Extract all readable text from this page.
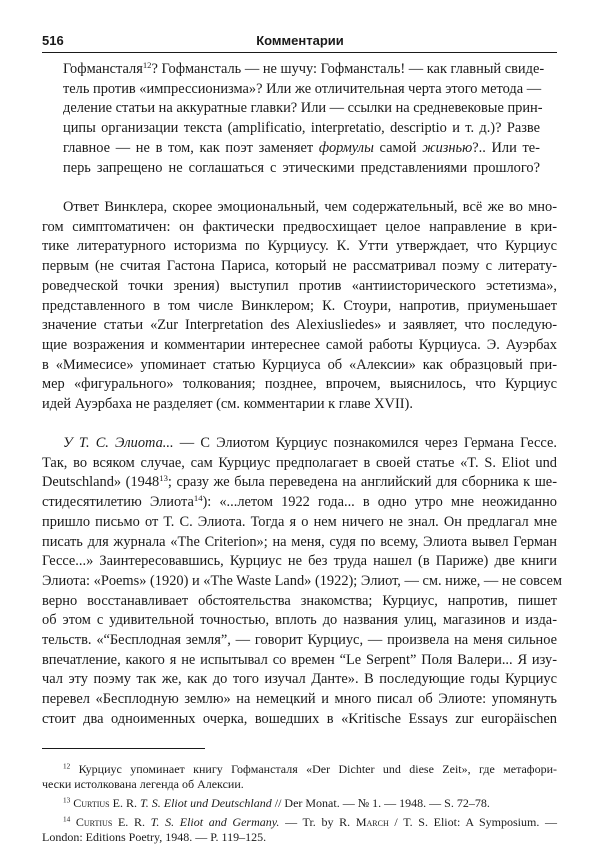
516	Комментарии
Гофмансталя$^{12}$? Гофмансталь — не шучу: Гофмансталь! — как главный свиде-
тель против «импрессионизма»? Или же отличительная черта этого метода —
деление статьи на аккуратные главки? Или — ссылки на средневековые прин-
ципы организации текста (amplificatio, interpretatio, descriptio и т. д.)? Разве
главное — не в том, как поэт заменяет формулы самой жизнью?.. Или те-
перь запрещено не соглашаться с этическими представлениями прошлого?
Ответ Винклера, скорее эмоциональный, чем содержательный, всё же во мно-
гом симптоматичен: он фактически предвосхищает целое направление в кри-
тике литературного историзма по Курциусу. К. Утти утверждает, что Курциус
первым (не считая Гастона Париса, который не рассматривал поэму с литерату-
роведческой точки зрения) выступил против «антиисторического эстетизма»,
представленного в том числе Винклером; К. Стоури, напротив, приуменьшает
значение статьи «Zur Interpretation des Alexiusliedes» и заявляет, что последую-
щие возражения и комментарии интереснее самой работы Курциуса. Э. Ауэрбах
в «Мимесисе» упоминает статью Курциуса об «Алексии» как образцовый при-
мер «фигурального» толкования; позднее, впрочем, выяснилось, что Курциус
идей Ауэрбаха не разделяет (см. комментарии к главе XVII).
У Т. С. Элиота... — С Элиотом Курциус познакомился через Германа Гессе.
Так, во всяком случае, сам Курциус предполагает в своей статье «T. S. Eliot und
Deutschland» (1948$^{13}$; сразу же была переведена на английский для сборника к ше-
стидесятилетию Элиота$^{14}$): «...летом 1922 года... в одно утро мне неожиданно
пришло письмо от Т. С. Элиота. Тогда я о нем ничего не знал. Он предлагал мне
писать для журнала «The Criterion»; на меня, судя по всему, Элиота вывел Герман
Гессе...» Заинтересовавшись, Курциус не без труда нашел (в Париже) две книги
Элиота: «Poems» (1920) и «The Waste Land» (1922); Элиот, — см. ниже, — не совсем
верно восстанавливает обстоятельства знакомства; Курциус, напротив, пишет
об этом с удивительной точностью, вплоть до названия улиц, магазинов и изда-
тельств. «“Бесплодная земля”, — говорит Курциус, — произвела на меня сильное
впечатление, какого я не испытывал со времен “Le Serpent” Поля Валери... Я изу-
чал эту поэму так же, как до того изучал Данте». В последующие годы Курциус
перевел «Бесплодную землю» на немецкий и много писал об Элиоте: упомянуть
стоит два одноименных очерка, вошедших в «Kritische Essays zur europäischen
$^{12}$ Курциус упоминает книгу Гофмансталя «Der Dichter und diese Zeit», где метафори-
чески истолкована легенда об Алексии.
$^{13}$ Curtius E. R. T. S. Eliot und Deutschland // Der Monat. — № 1. — 1948. — S. 72–78.
$^{14}$ Curtius E. R. T. S. Eliot and Germany. — Tr. by R. March / T. S. Eliot: A Symposium. —
London: Editions Poetry, 1948. — P. 119–125.
